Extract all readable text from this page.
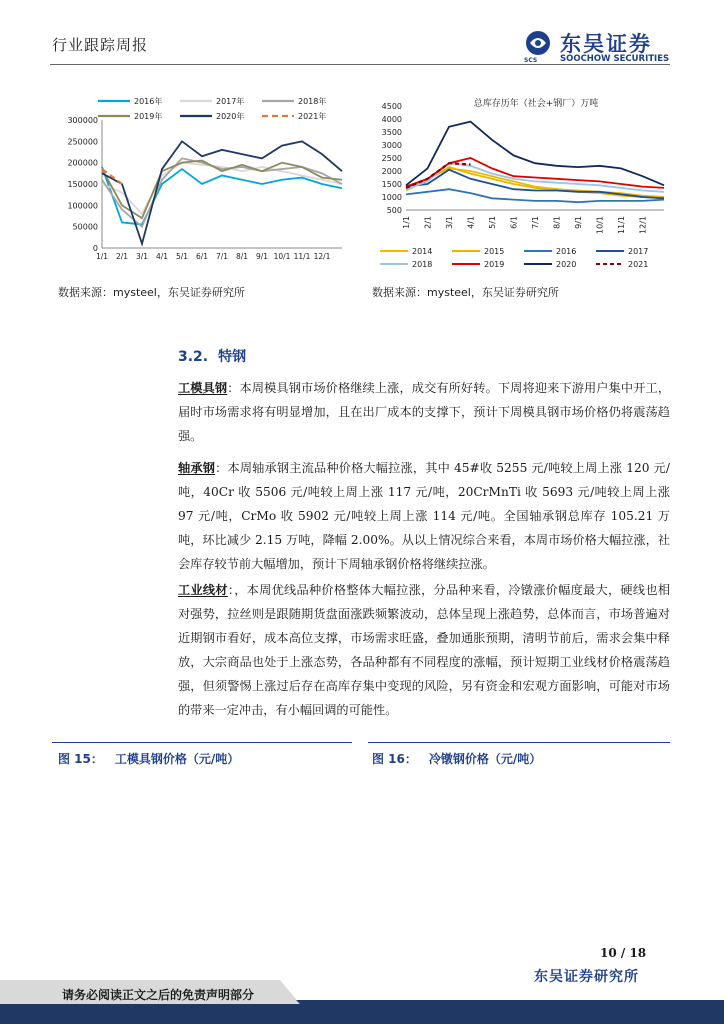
行业跟踪周报
SCS
东吴证券
SOOCHOW SECURITIES
0
50000
100000
150000
200000
250000
300000
1/1 2/1 3/1 4/1 5/1 6/1 7/1 8/1 9/1 10/1 11/1 12/1
2016年	2017年	2018年
2019年	2020年	2021年
总库存历年（社会+钢厂）万吨
500
1000
1500
2000
2500
3000
3500
4000
4500
1/1 2/1 3/1 4/1 5/1 6/1 7/1 8/1 9/1 10/1 11/1 12/1
2014	2015	2016	2017
2018	2019	2020	2021
数据来源：mysteel，东吴证券研究所	数据来源：mysteel，东吴证券研究所
3.2. 特钢
工模具钢：本周模具钢市场价格继续上涨，成交有所好转。下周将迎来下游用户集中开工，届时市场需求将有明显增加，且在出厂成本的支撑下，预计下周模具钢市场价格仍将震荡趋强。
轴承钢：本周轴承钢主流品种价格大幅拉涨，其中 45#收 5255 元/吨较上周上涨 120 元/吨，40Cr 收 5506 元/吨较上周上涨 117 元/吨，20CrMnTi 收 5693 元/吨较上周上涨 97 元/吨，CrMo 收 5902 元/吨较上周上涨 114 元/吨。全国轴承钢总库存 105.21 万吨，环比减少 2.15 万吨，降幅 2.00%。从以上情况综合来看，本周市场价格大幅拉涨，社会库存较节前大幅增加，预计下周轴承钢价格将继续拉涨。
工业线材：，本周优线品种价格整体大幅拉涨，分品种来看，冷镦涨价幅度最大，硬线也相对强势，拉丝则是跟随期货盘面涨跌频繁波动，总体呈现上涨趋势，总体而言，市场普遍对近期钢市看好，成本高位支撑，市场需求旺盛，叠加通胀预期，清明节前后，需求会集中释放，大宗商品也处于上涨态势，各品种都有不同程度的涨幅，预计短期工业线材价格震荡趋强，但须警惕上涨过后存在高库存集中变现的风险，另有资金和宏观方面影响，可能对市场的带来一定冲击，有小幅回调的可能性。
图 15： 工模具钢价格（元/吨）	图 16： 冷镦钢价格（元/吨）
10 / 18
东吴证券研究所
请务必阅读正文之后的免责声明部分
